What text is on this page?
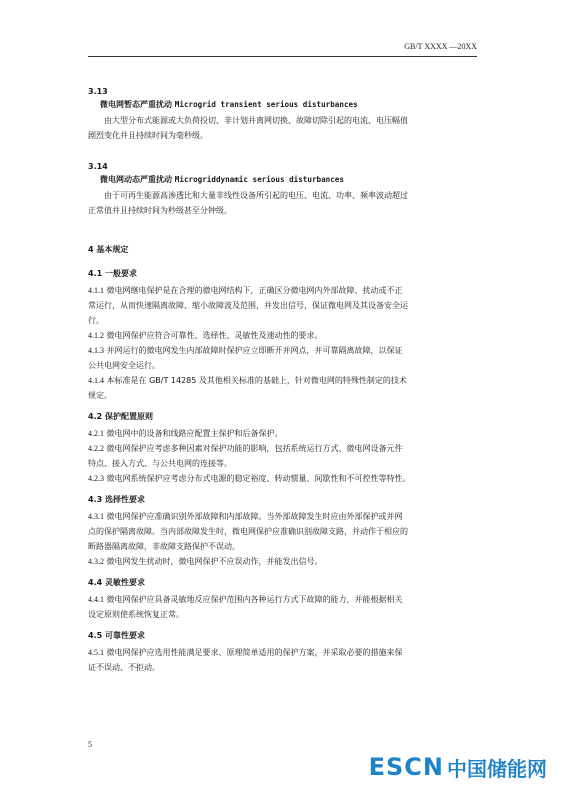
GB/T XXXX —20XX
3.13
微电网暂态严重扰动 Microgrid transient serious disturbances

由大型分布式能源或大负荷投切、非计划并离网切换、故障切除引起的电流、电压幅值

剧烈变化并且持续时间为毫秒级。

3.14
微电网动态严重扰动 Microgriddynamic serious disturbances

由于可再生能源高渗透比和大量非线性设备所引起的电压、电流、功率、频率波动超过

正常值并且持续时间为秒级甚至分钟级。

4 基本规定
4.1 一般要求

4.1.1 微电网继电保护是在合理的微电网结构下，正确区分微电网内外部故障、扰动或不正

常运行，从而快速隔离故障、缩小故障波及范围，并发出信号，保证微电网及其设备安全运

行。

4.1.2 微电网保护应符合可靠性、选择性、灵敏性及速动性的要求。

4.1.3 并网运行的微电网发生内部故障时保护应立即断开并网点，并可靠隔离故障，以保证

公共电网安全运行。

4.1.4 本标准是在 GB/T 14285 及其他相关标准的基础上，针对微电网的特殊性制定的技术

规定。

4.2 保护配置原则

4.2.1 微电网中的设备和线路应配置主保护和后备保护。

4.2.2 微电网保护应考虑多种因素对保护功能的影响，包括系统运行方式、微电网设备元件

特点、接入方式、与公共电网的连接等。

4.2.3 微电网系统保护应考虑分布式电源的稳定裕度、转动惯量、间歇性和不可控性等特性。

4.3 选择性要求

4.3.1 微电网保护应准确识别外部故障和内部故障。当外部故障发生时应由外部保护或并网

点的保护隔离故障。当内部故障发生时，微电网保护应准确识别故障支路，并动作于相应的

断路器隔离故障，非故障支路保护不误动。

4.3.2 微电网发生扰动时，微电网保护不应误动作，并能发出信号。

4.4 灵敏性要求

4.4.1 微电网保护应具备灵敏地反应保护范围内各种运行方式下故障的能力，并能根据相关

设定原则使系统恢复正常。

4.5 可靠性要求

4.5.1 微电网保护应选用性能满足要求、原理简单适用的保护方案，并采取必要的措施来保

证不误动、不拒动。

5
ESCN 中国储能网
